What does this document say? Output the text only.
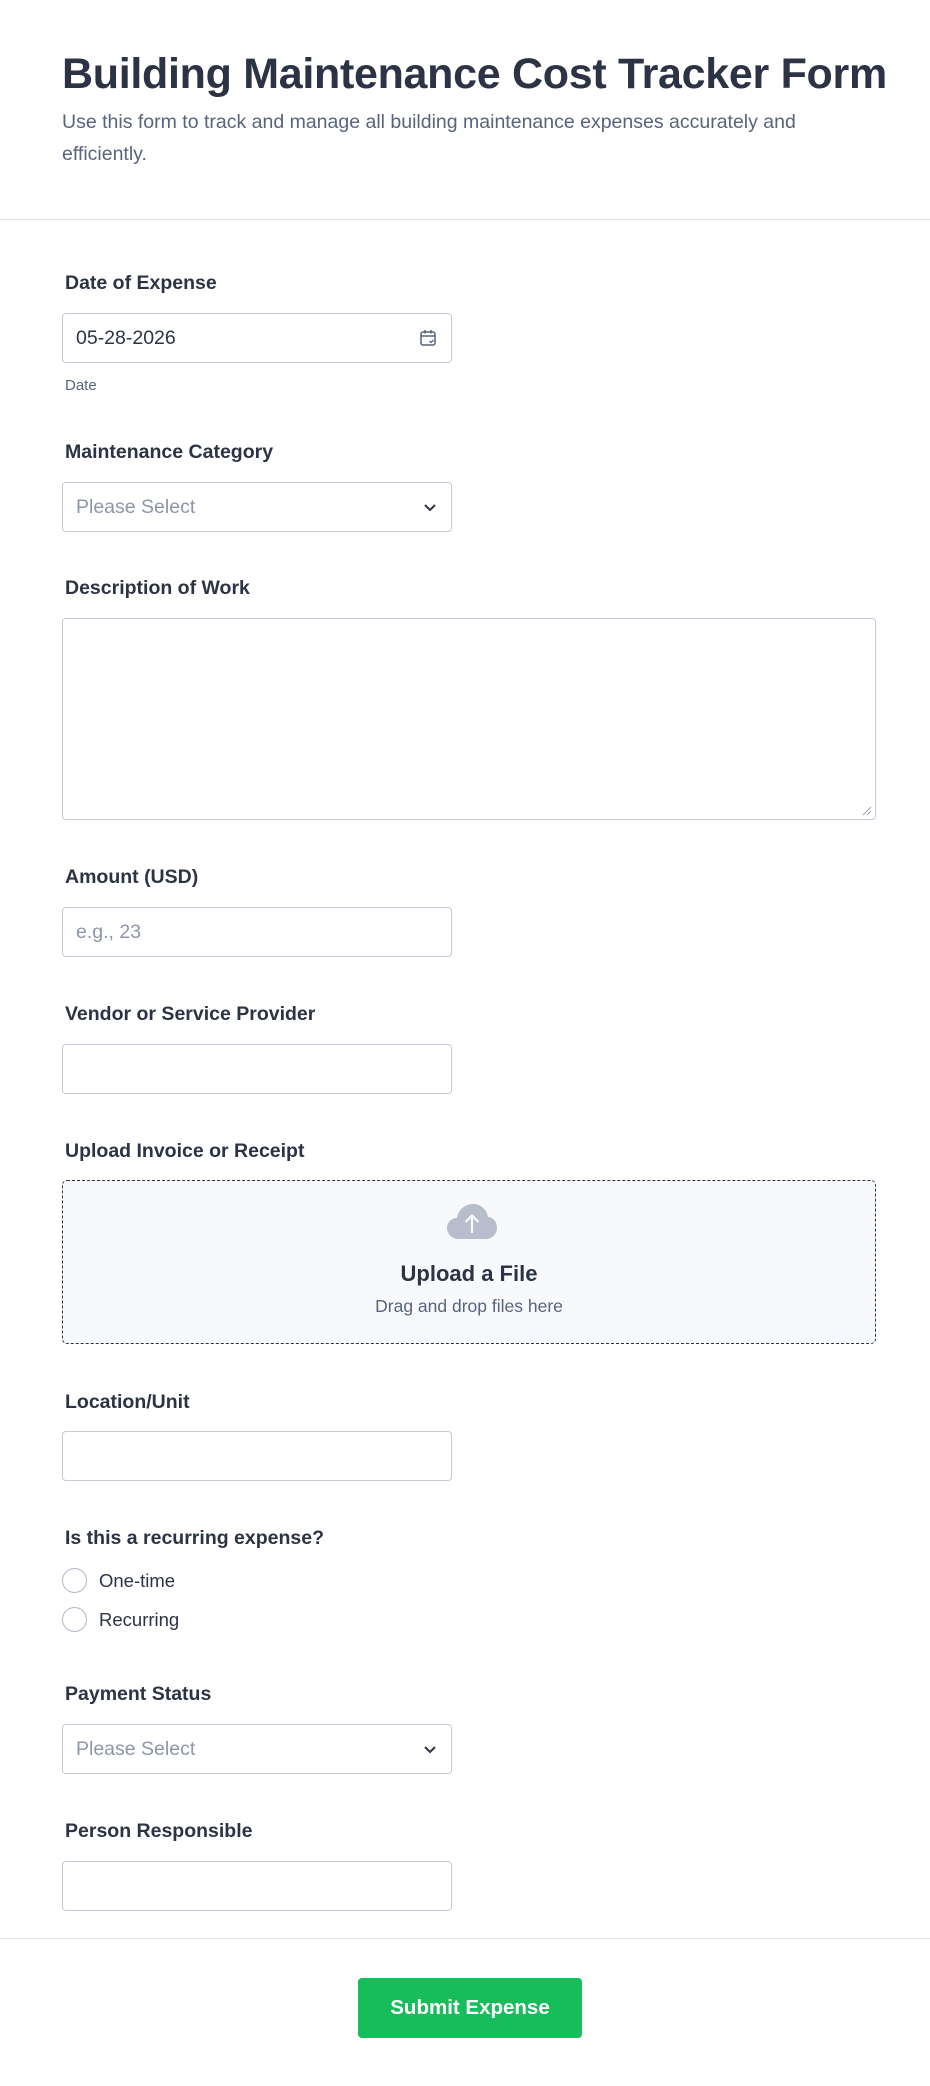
Building Maintenance Cost Tracker Form

Use this form to track and manage all building maintenance expenses accurately and efficiently.

Date of Expense
05-28-2026
Date
Maintenance Category
Please Select
Description of Work
Amount (USD)
e.g., 23
Vendor or Service Provider
Upload Invoice or Receipt
Upload a File
Drag and drop files here
Location/Unit
Is this a recurring expense?
One-time
Recurring
Payment Status
Please Select
Person Responsible
Submit Expense
